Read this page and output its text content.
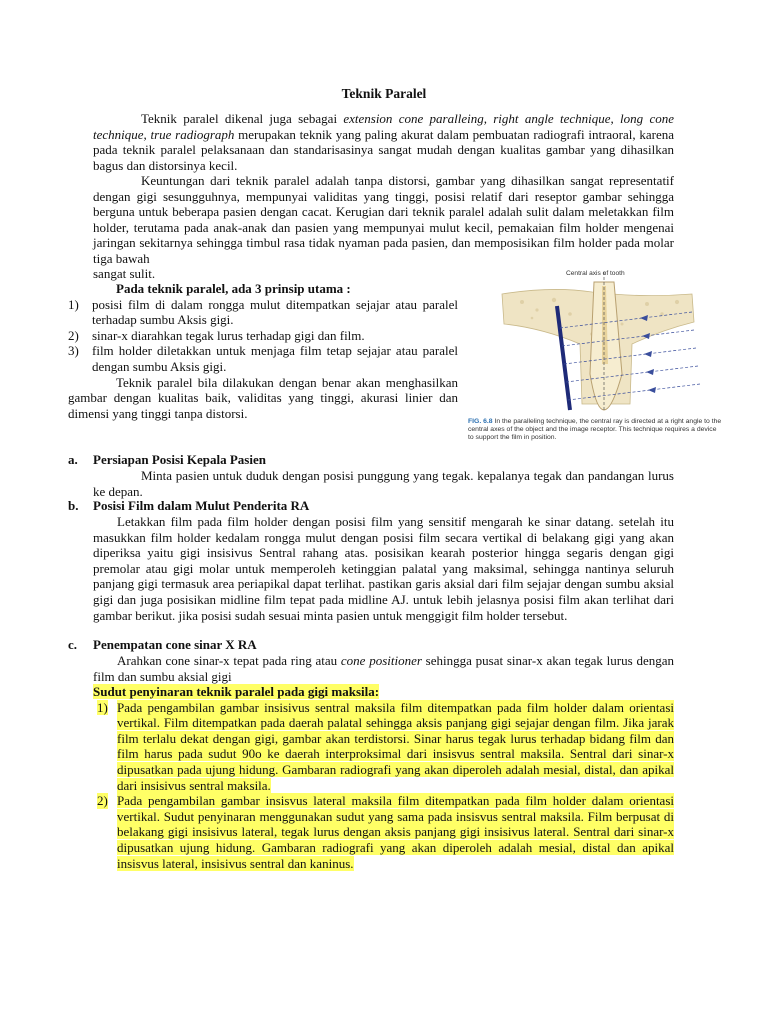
Teknik Paralel
Teknik paralel dikenal juga sebagai extension cone paralleing, right angle technique, long cone technique, true radiograph merupakan teknik yang paling akurat dalam pembuatan radiografi intraoral, karena pada teknik paralel pelaksanaan dan standarisasinya sangat mudah dengan kualitas gambar yang dihasilkan bagus dan distorsinya kecil.
Keuntungan dari teknik paralel adalah tanpa distorsi, gambar yang dihasilkan sangat representatif dengan gigi sesungguhnya, mempunyai validitas yang tinggi, posisi relatif dari reseptor gambar sehingga berguna untuk beberapa pasien dengan cacat. Kerugian dari teknik paralel adalah sulit dalam meletakkan film holder, terutama pada anak-anak dan pasien yang mempunyai mulut kecil, pemakaian film holder mengenai jaringan sekitarnya sehingga timbul rasa tidak nyaman pada pasien, dan memposisikan film holder pada molar tiga bawah
sangat sulit.
Pada teknik paralel, ada 3 prinsip utama :
1) posisi film di dalam rongga mulut ditempatkan sejajar atau paralel terhadap sumbu Aksis gigi.
2) sinar-x diarahkan tegak lurus terhadap gigi dan film.
3) film holder diletakkan untuk menjaga film tetap sejajar atau paralel dengan sumbu Aksis gigi.
Teknik paralel bila dilakukan dengan benar akan menghasilkan gambar dengan kualitas baik, validitas yang tinggi, akurasi linier dan dimensi yang tinggi tanpa distorsi.
Central axis of tooth
FIG. 6.8 In the paralleling technique, the central ray is directed at a right angle to the central axes of the object and the image receptor. This technique requires a device to support the film in position.
a. Persiapan Posisi Kepala Pasien
Minta pasien untuk duduk dengan posisi punggung yang tegak. kepalanya tegak dan pandangan lurus ke depan.
b. Posisi Film dalam Mulut Penderita RA
Letakkan film pada film holder dengan posisi film yang sensitif mengarah ke sinar datang. setelah itu masukkan film holder kedalam rongga mulut dengan posisi film secara vertikal di belakang gigi yang akan diperiksa yaitu gigi insisivus Sentral rahang atas. posisikan kearah posterior hingga segaris dengan gigi premolar atau gigi molar untuk memperoleh ketinggian palatal yang maksimal, sehingga nantinya seluruh panjang gigi termasuk area periapikal dapat terlihat. pastikan garis aksial dari film sejajar dengan sumbu aksial gigi dan juga posisikan midline film tepat pada midline AJ. untuk lebih jelasnya posisi film akan terlihat dari gambar berikut. jika posisi sudah sesuai minta pasien untuk menggigit film holder tersebut.
c. Penempatan cone sinar X RA
Arahkan cone sinar-x tepat pada ring atau cone positioner sehingga pusat sinar-x akan tegak lurus dengan film dan sumbu aksial gigi
Sudut penyinaran teknik paralel pada gigi maksila:
1) Pada pengambilan gambar insisivus sentral maksila film ditempatkan pada film holder dalam orientasi vertikal. Film ditempatkan pada daerah palatal sehingga aksis panjang gigi sejajar dengan film. Jika jarak film terlalu dekat dengan gigi, gambar akan terdistorsi. Sinar harus tegak lurus terhadap bidang film dan film harus pada sudut 90o ke daerah interproksimal dari insisvus sentral maksila. Sentral dari sinar-x dipusatkan pada ujung hidung. Gambaran radiografi yang akan diperoleh adalah mesial, distal, dan apikal dari insisivus sentral maksila.
2) Pada pengambilan gambar insisvus lateral maksila film ditempatkan pada film holder dalam orientasi vertikal. Sudut penyinaran menggunakan sudut yang sama pada insisvus sentral maksila. Film berpusat di belakang gigi insisivus lateral, tegak lurus dengan aksis panjang gigi insisivus lateral. Sentral dari sinar-x dipusatkan ujung hidung. Gambaran radiografi yang akan diperoleh adalah mesial, distal dan apikal insisvus lateral, insisivus sentral dan kaninus.
